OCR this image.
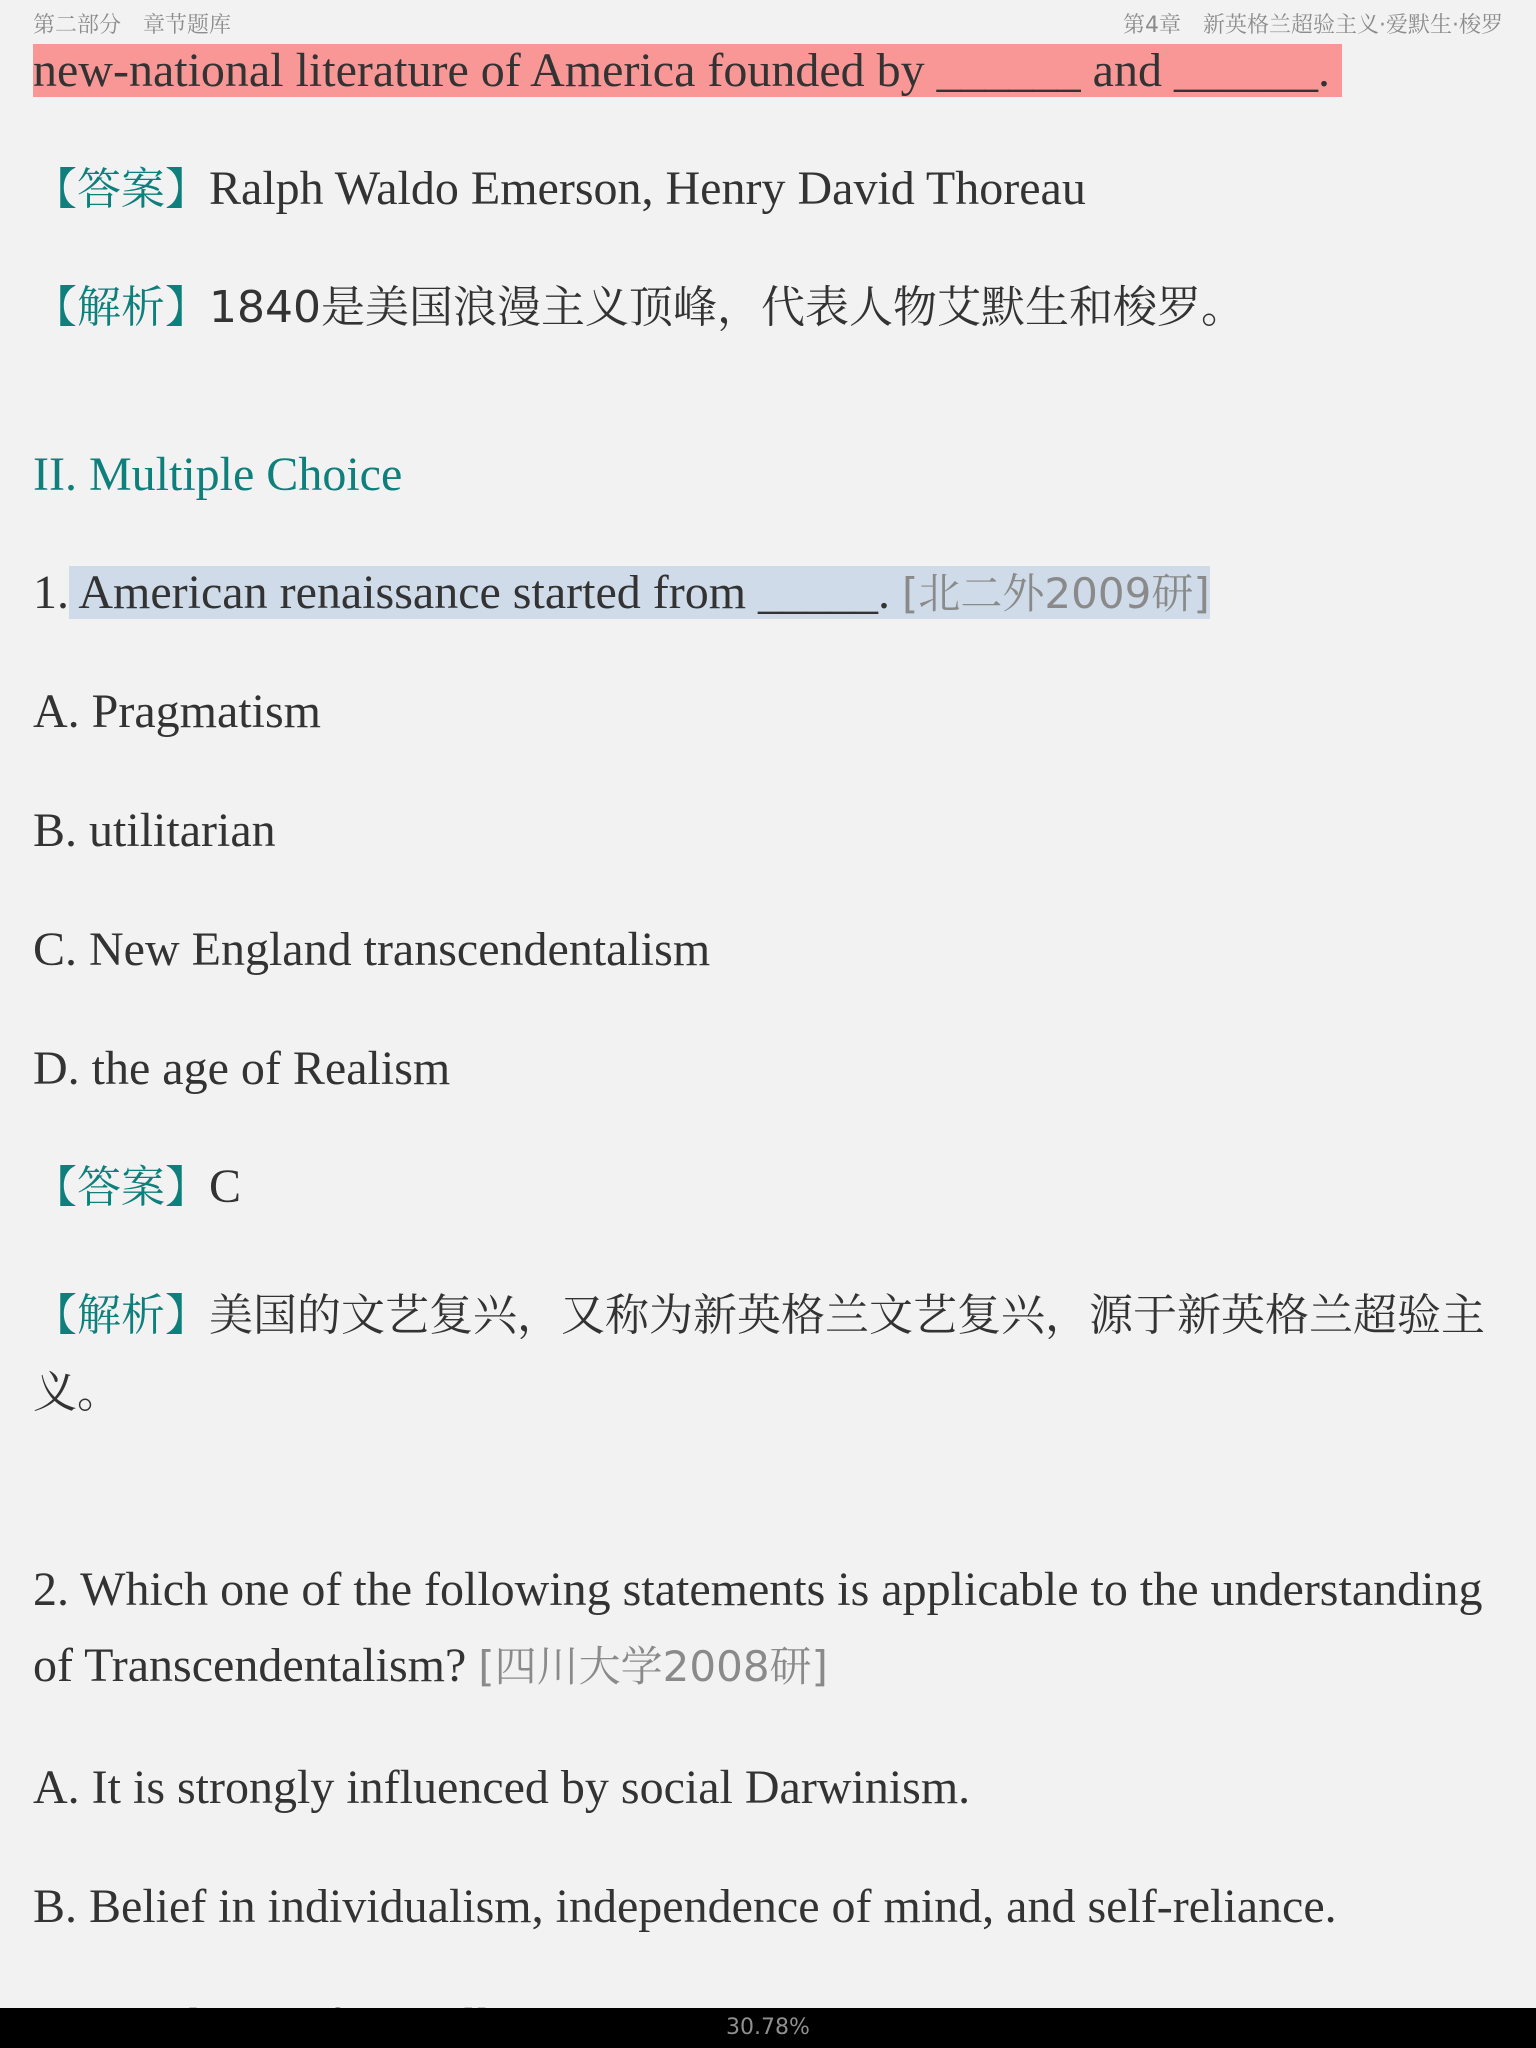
第二部分 章节题库	第4章 新英格兰超验主义·爱默生·梭罗
new-national literature of America founded by ______ and ______.
【答案】Ralph Waldo Emerson, Henry David Thoreau
【解析】1840是美国浪漫主义顶峰，代表人物艾默生和梭罗。
II. Multiple Choice
1. American renaissance started from _____. [北二外2009研]
A. Pragmatism
B. utilitarian
C. New England transcendentalism
D. the age of Realism
【答案】C
【解析】美国的文艺复兴，又称为新英格兰文艺复兴，源于新英格兰超验主义。
2. Which one of the following statements is applicable to the understanding of Transcendentalism? [四川大学2008研]
A. It is strongly influenced by social Darwinism.
B. Belief in individualism, independence of mind, and self-reliance.
30.78%
